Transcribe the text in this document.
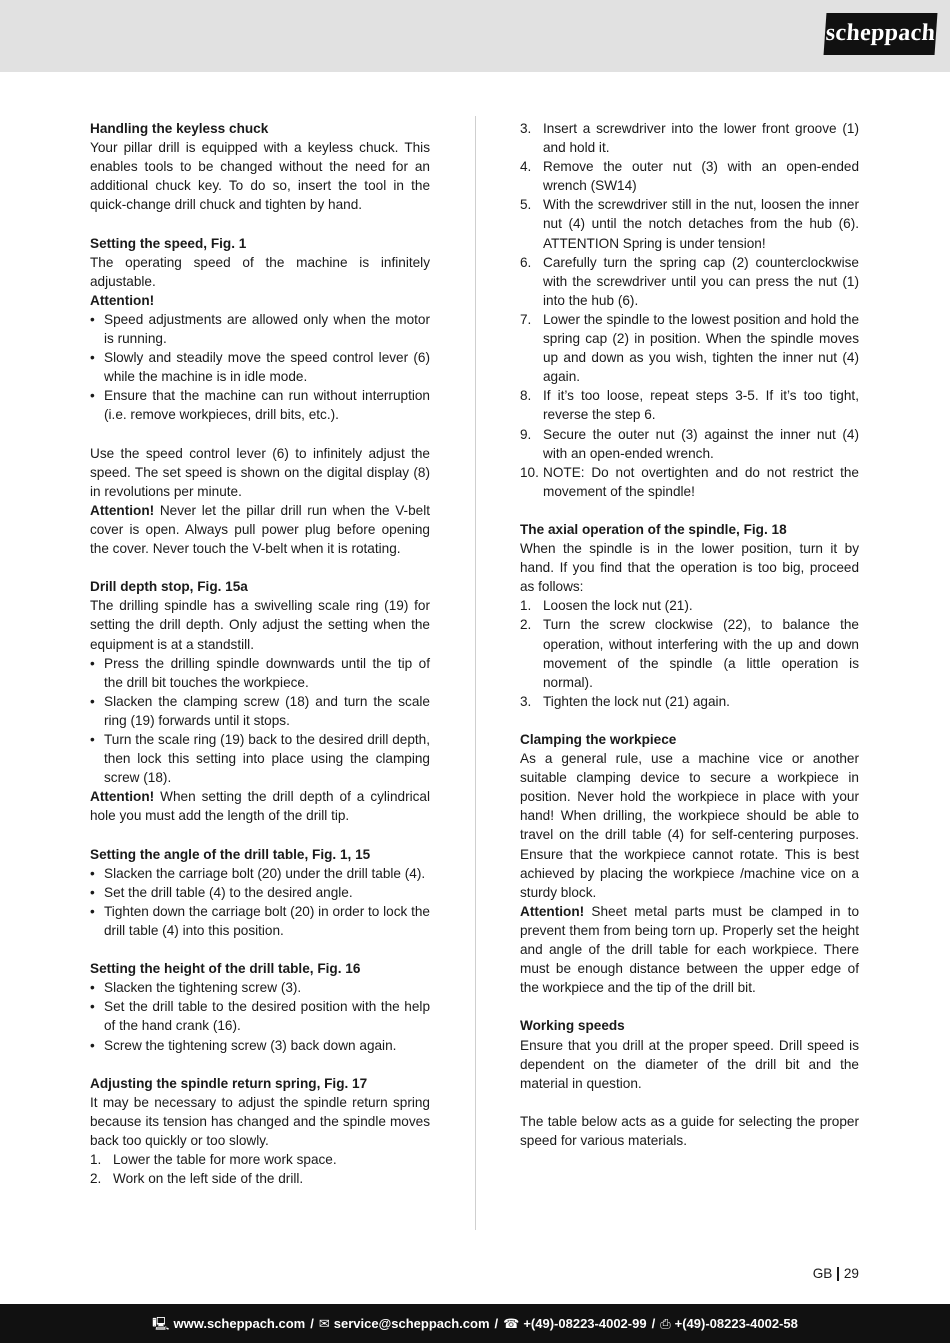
scheppach
Handling the keyless chuck

Your pillar drill is equipped with a keyless chuck. This enables tools to be changed without the need for an additional chuck key. To do so, insert the tool in the quick-change drill chuck and tighten by hand.

Setting the speed, Fig. 1

The operating speed of the machine is infinitely adjustable.

Attention!
• Speed adjustments are allowed only when the motor is running.
• Slowly and steadily move the speed control lever (6) while the machine is in idle mode.
• Ensure that the machine can run without interruption (i.e. remove workpieces, drill bits, etc.).

Use the speed control lever (6) to infinitely adjust the speed. The set speed is shown on the digital display (8) in revolutions per minute.

Attention! Never let the pillar drill run when the V-belt cover is open. Always pull power plug before opening the cover. Never touch the V-belt when it is rotating.

Drill depth stop, Fig. 15a

The drilling spindle has a swivelling scale ring (19) for setting the drill depth. Only adjust the setting when the equipment is at a standstill.

• Press the drilling spindle downwards until the tip of the drill bit touches the workpiece.
• Slacken the clamping screw (18) and turn the scale ring (19) forwards until it stops.
• Turn the scale ring (19) back to the desired drill depth, then lock this setting into place using the clamping screw (18).

Attention! When setting the drill depth of a cylindrical hole you must add the length of the drill tip.

Setting the angle of the drill table, Fig. 1, 15
• Slacken the carriage bolt (20) under the drill table (4).
• Set the drill table (4) to the desired angle.
• Tighten down the carriage bolt (20) in order to lock the drill table (4) into this position.
Setting the height of the drill table, Fig. 16
• Slacken the tightening screw (3).
• Set the drill table to the desired position with the help of the hand crank (16).
• Screw the tightening screw (3) back down again.
Adjusting the spindle return spring, Fig. 17

It may be necessary to adjust the spindle return spring because its tension has changed and the spindle moves back too quickly or too slowly.

1. Lower the table for more work space.
2. Work on the left side of the drill.
3. Insert a screwdriver into the lower front groove (1) and hold it.
4. Remove the outer nut (3) with an open-ended wrench (SW14)
5. With the screwdriver still in the nut, loosen the inner nut (4) until the notch detaches from the hub (6). ATTENTION Spring is under tension!
6. Carefully turn the spring cap (2) counterclockwise with the screwdriver until you can press the nut (1) into the hub (6).
7. Lower the spindle to the lowest position and hold the spring cap (2) in position. When the spindle moves up and down as you wish, tighten the inner nut (4) again.
8. If it’s too loose, repeat steps 3-5. If it’s too tight, reverse the step 6.
9. Secure the outer nut (3) against the inner nut (4) with an open-ended wrench.
10. NOTE: Do not overtighten and do not restrict the movement of the spindle!
The axial operation of the spindle, Fig. 18

When the spindle is in the lower position, turn it by hand. If you find that the operation is too big, proceed as follows:

1. Loosen the lock nut (21).
2. Turn the screw clockwise (22), to balance the operation, without interfering with the up and down movement of the spindle (a little operation is normal).
3. Tighten the lock nut (21) again.
Clamping the workpiece

As a general rule, use a machine vice or another suitable clamping device to secure a workpiece in position. Never hold the workpiece in place with your hand! When drilling, the workpiece should be able to travel on the drill table (4) for self-centering purposes. Ensure that the workpiece cannot rotate. This is best achieved by placing the workpiece /machine vice on a sturdy block.

Attention! Sheet metal parts must be clamped in to prevent them from being torn up. Properly set the height and angle of the drill table for each workpiece. There must be enough distance between the upper edge of the workpiece and the tip of the drill bit.

Working speeds

Ensure that you drill at the proper speed. Drill speed is dependent on the diameter of the drill bit and the material in question.

The table below acts as a guide for selecting the proper speed for various materials.

GB 29
🖳 www.scheppach.com / ✉ service@scheppach.com / ☎ +(49)-08223-4002-99 / ⎙ +(49)-08223-4002-58
